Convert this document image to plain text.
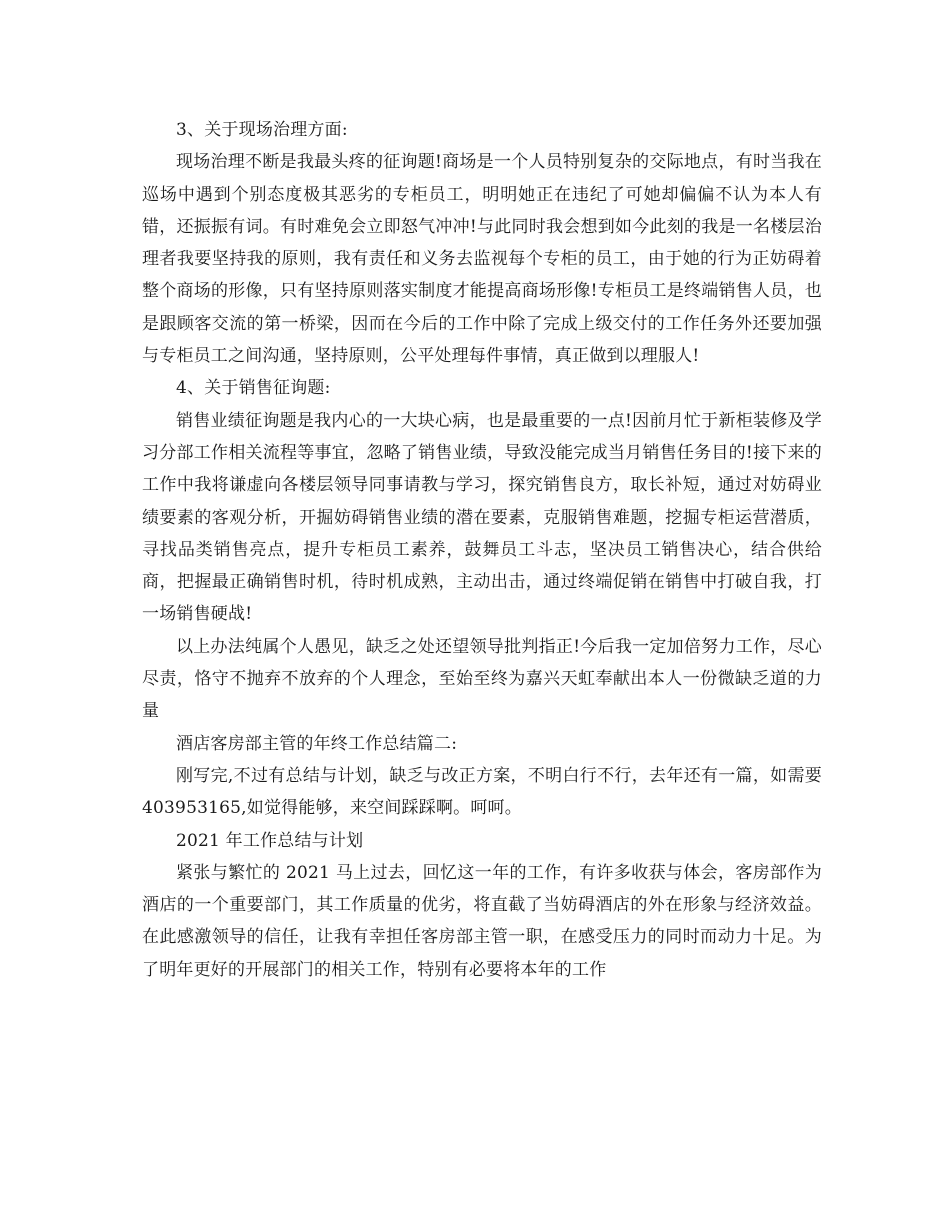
3、关于现场治理方面:

现场治理不断是我最头疼的征询题!商场是一个人员特别复杂的交际地点，有时当我在巡场中遇到个别态度极其恶劣的专柜员工，明明她正在违纪了可她却偏偏不认为本人有错，还振振有词。有时难免会立即怒气冲冲!与此同时我会想到如今此刻的我是一名楼层治理者我要坚持我的原则，我有责任和义务去监视每个专柜的员工，由于她的行为正妨碍着整个商场的形像，只有坚持原则落实制度才能提高商场形像!专柜员工是终端销售人员，也是跟顾客交流的第一桥梁，因而在今后的工作中除了完成上级交付的工作任务外还要加强与专柜员工之间沟通，坚持原则，公平处理每件事情，真正做到以理服人!

4、关于销售征询题:

销售业绩征询题是我内心的一大块心病，也是最重要的一点!因前月忙于新柜装修及学习分部工作相关流程等事宜，忽略了销售业绩，导致没能完成当月销售任务目的!接下来的工作中我将谦虚向各楼层领导同事请教与学习，探究销售良方，取长补短，通过对妨碍业绩要素的客观分析，开掘妨碍销售业绩的潜在要素，克服销售难题，挖掘专柜运营潜质，寻找品类销售亮点，提升专柜员工素养，鼓舞员工斗志，坚决员工销售决心，结合供给商，把握最正确销售时机，待时机成熟，主动出击，通过终端促销在销售中打破自我，打一场销售硬战!

以上办法纯属个人愚见，缺乏之处还望领导批判指正!今后我一定加倍努力工作，尽心尽责，恪守不抛弃不放弃的个人理念，至始至终为嘉兴天虹奉献出本人一份微缺乏道的力量

酒店客房部主管的年终工作总结篇二:

刚写完,不过有总结与计划，缺乏与改正方案，不明白行不行，去年还有一篇，如需要 403953165,如觉得能够，来空间踩踩啊。呵呵。

2021 年工作总结与计划

紧张与繁忙的 2021 马上过去，回忆这一年的工作，有许多收获与体会，客房部作为酒店的一个重要部门，其工作质量的优劣，将直截了当妨碍酒店的外在形象与经济效益。在此感激领导的信任，让我有幸担任客房部主管一职，在感受压力的同时而动力十足。为了明年更好的开展部门的相关工作，特别有必要将本年的工作
